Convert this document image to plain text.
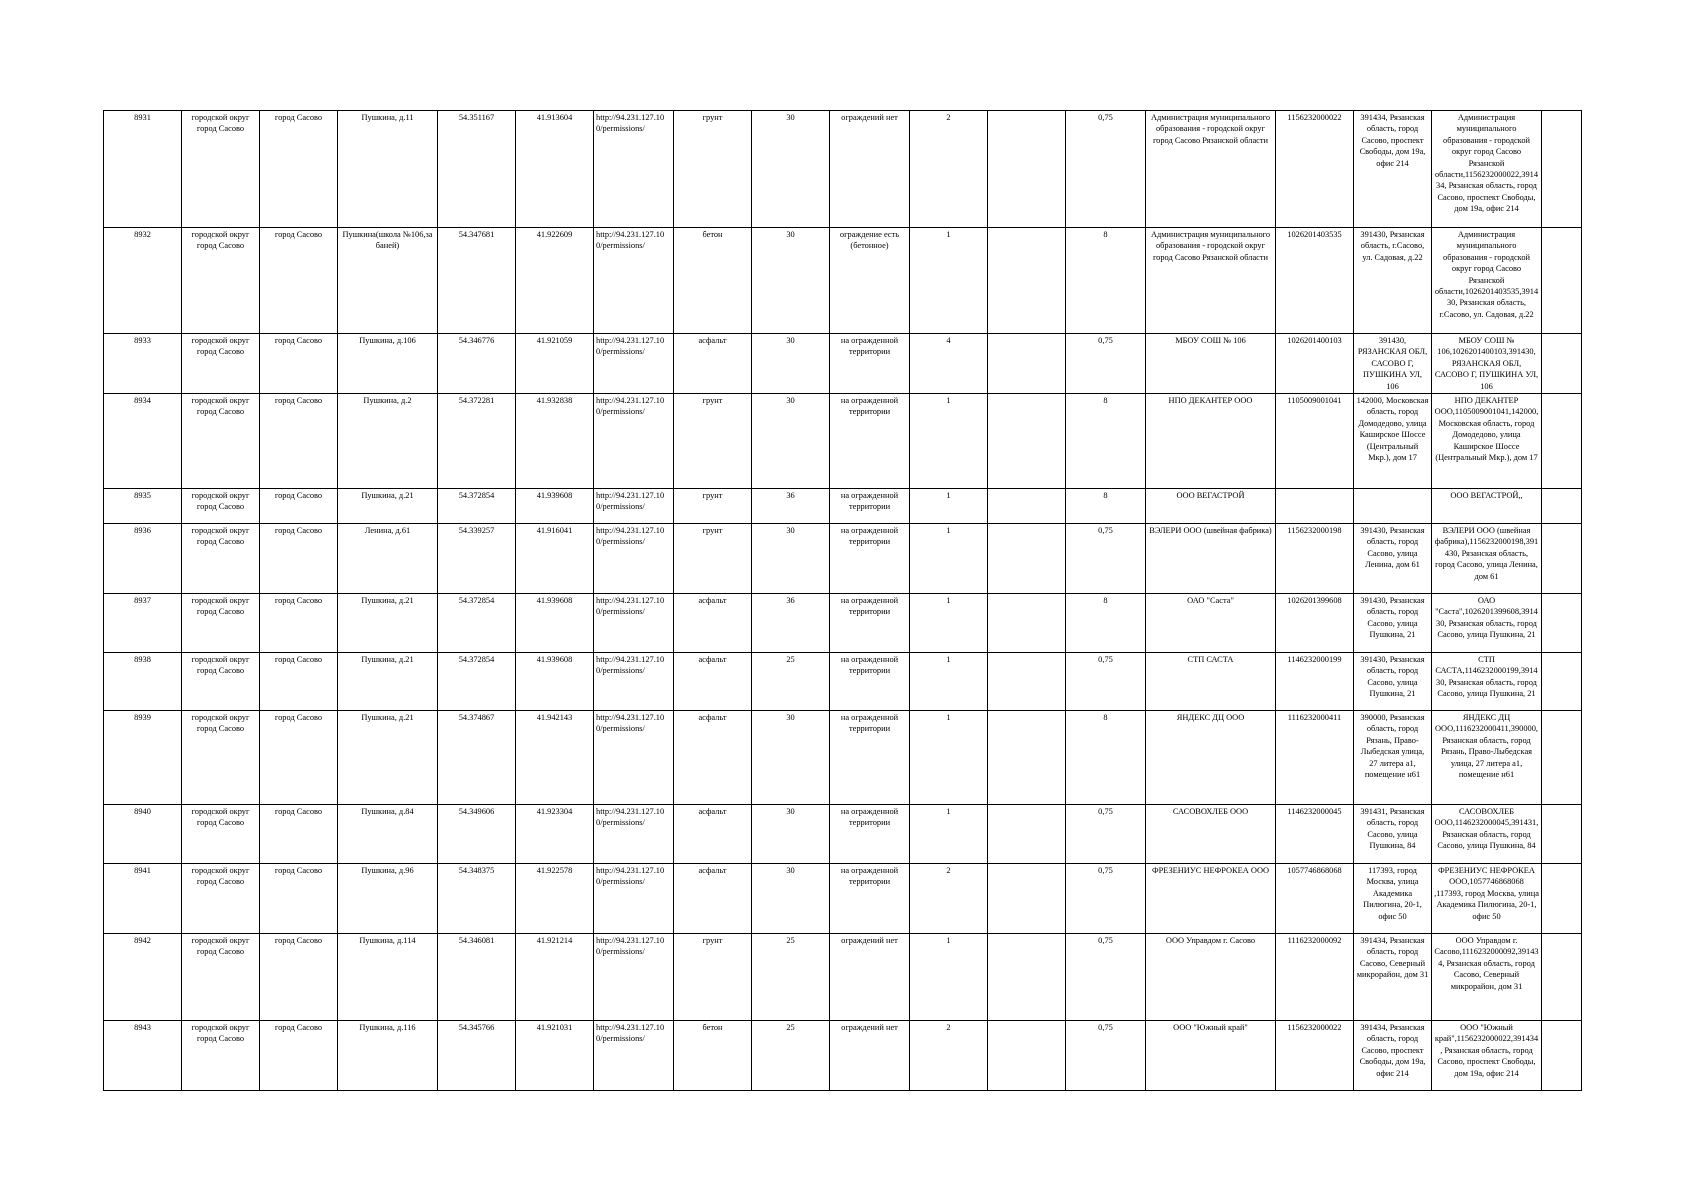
8931	городской округ город Сасово	город Сасово	Пушкина, д.11	54.351167	41.913604	http://94.231.127.10 0/permissions/	грунт	30	ограждений нет	2		0,75	Администрация муниципального образования - городской округ город Сасово Рязанской области	1156232000022	391434, Рязанская область, город Сасово, проспект Свободы, дом 19а, офис 214	Администрация муниципального образования - городской округ город Сасово Рязанской области,1156232000022,391434, Рязанская область, город Сасово, проспект Свободы, дом 19а, офис 214	
8932	городской округ город Сасово	город Сасово	Пушкина(школа №106,за баней)	54.347681	41.922609	http://94.231.127.10 0/permissions/	бетон	30	ограждение есть (бетонное)	1		8	Администрация муниципального образования - городской округ город Сасово Рязанской области	1026201403535	391430, Рязанская область, г.Сасово, ул. Садовая, д.22	Администрация муниципального образования - городской округ город Сасово Рязанской области,1026201403535,391430, Рязанская область, г.Сасово, ул. Садовая, д.22	
8933	городской округ город Сасово	город Сасово	Пушкина, д.106	54.346776	41.921059	http://94.231.127.10 0/permissions/	асфальт	30	на огражденной территории	4		0,75	МБОУ СОШ № 106	1026201400103	391430, РЯЗАНСКАЯ ОБЛ, САСОВО Г, ПУШКИНА УЛ, 106	МБОУ СОШ № 106,1026201400103,391430, РЯЗАНСКАЯ ОБЛ, САСОВО Г, ПУШКИНА УЛ, 106	
8934	городской округ город Сасово	город Сасово	Пушкина, д.2	54.372281	41.932838	http://94.231.127.10 0/permissions/	грунт	30	на огражденной территории	1		8	НПО ДЕКАНТЕР ООО	1105009001041	142000, Московская область, город Домодедово, улица Каширское Шоссе (Центральный Мкр.), дом 17	НПО ДЕКАНТЕР ООО,1105009001041,142000, Московская область, город Домодедово, улица Каширское Шоссе (Центральный Мкр.), дом 17	
8935	городской округ город Сасово	город Сасово	Пушкина, д.21	54.372854	41.939608	http://94.231.127.10 0/permissions/	грунт	36	на огражденной территории	1		8	ООО ВЕГАСТРОЙ			ООО ВЕГАСТРОЙ,,	
8936	городской округ город Сасово	город Сасово	Ленина, д.61	54.339257	41.916041	http://94.231.127.10 0/permissions/	грунт	30	на огражденной территории	1		0,75	ВЭЛЕРИ ООО (швейная фабрика)	1156232000198	391430, Рязанская область, город Сасово, улица Ленина, дом 61	ВЭЛЕРИ ООО (швейная фабрика),1156232000198,391430, Рязанская область, город Сасово, улица Ленина, дом 61	
8937	городской округ город Сасово	город Сасово	Пушкина, д.21	54.372854	41.939608	http://94.231.127.10 0/permissions/	асфальт	36	на огражденной территории	1		8	ОАО "Саста"	1026201399608	391430, Рязанская область, город Сасово, улица Пушкина, 21	ОАО "Саста",1026201399608,391430, Рязанская область, город Сасово, улица Пушкина, 21	
8938	городской округ город Сасово	город Сасово	Пушкина, д.21	54.372854	41.939608	http://94.231.127.10 0/permissions/	асфальт	25	на огражденной территории	1		0,75	СТП САСТА	1146232000199	391430, Рязанская область, город Сасово, улица Пушкина, 21	СТП САСТА,1146232000199,391430, Рязанская область, город Сасово, улица Пушкина, 21	
8939	городской округ город Сасово	город Сасово	Пушкина, д.21	54.374867	41.942143	http://94.231.127.10 0/permissions/	асфальт	30	на огражденной территории	1		8	ЯНДЕКС ДЦ ООО	1116232000411	390000, Рязанская область, город Рязань, Право-Лыбедская улица, 27 литера а1, помещение н61	ЯНДЕКС ДЦ ООО,1116232000411,390000, Рязанская область, город Рязань, Право-Лыбедская улица, 27 литера а1, помещение н61	
8940	городской округ город Сасово	город Сасово	Пушкина, д.84	54.349606	41.923304	http://94.231.127.10 0/permissions/	асфальт	30	на огражденной территории	1		0,75	САСОВОХЛЕБ ООО	1146232000045	391431, Рязанская область, город Сасово, улица Пушкина, 84	САСОВОХЛЕБ ООО,1146232000045,391431, Рязанская область, город Сасово, улица Пушкина, 84	
8941	городской округ город Сасово	город Сасово	Пушкина, д.96	54.348375	41.922578	http://94.231.127.10 0/permissions/	асфальт	30	на огражденной территории	2		0,75	ФРЕЗЕНИУС НЕФРОКЕА ООО	1057746868068	117393, город Москва, улица Академика Пилюгина, 20-1, офис 50	ФРЕЗЕНИУС НЕФРОКЕА ООО,1057746868068 ,117393, город Москва, улица Академика Пилюгина, 20-1, офис 50	
8942	городской округ город Сасово	город Сасово	Пушкина, д.114	54.346081	41.921214	http://94.231.127.10 0/permissions/	грунт	25	ограждений нет	1		0,75	ООО Управдом г. Сасово	1116232000092	391434, Рязанская область, город Сасово, Северный микрорайон, дом 31	ООО Управдом г. Сасово,1116232000092,391434, Рязанская область, город Сасово, Северный микрорайон, дом 31	
8943	городской округ город Сасово	город Сасово	Пушкина, д.116	54.345766	41.921031	http://94.231.127.10 0/permissions/	бетон	25	ограждений нет	2		0,75	ООО "Южный край"	1156232000022	391434, Рязанская область, город Сасово, проспект Свободы, дом 19а, офис 214	ООО "Южный край",1156232000022,391434, Рязанская область, город Сасово, проспект Свободы, дом 19а, офис 214	
